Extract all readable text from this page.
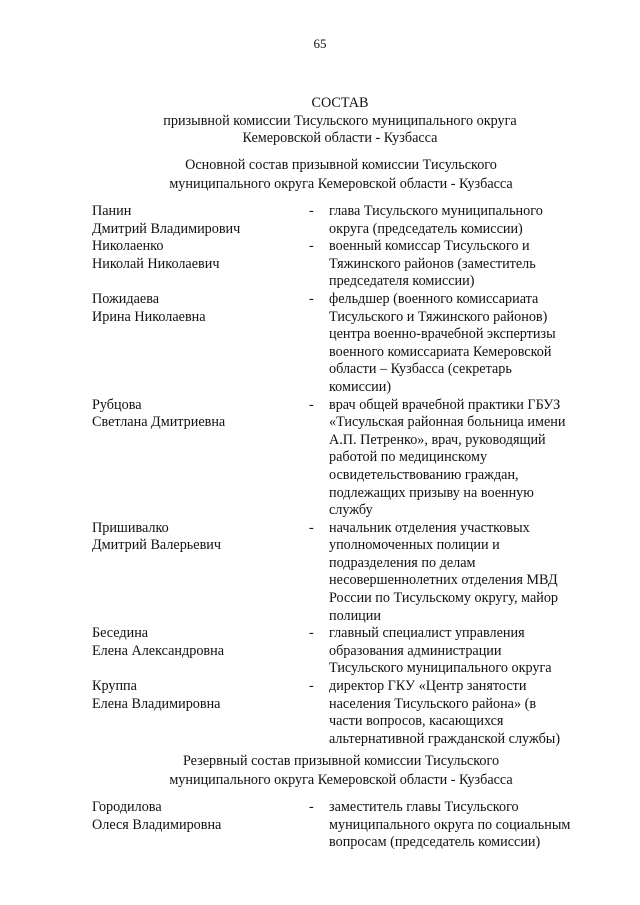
65
СОСТАВ
призывной комиссии Тисульского муниципального округа
Кемеровской области - Кузбасса
Основной состав призывной комиссии Тисульского
муниципального округа Кемеровской области - Кузбасса
Панин
Дмитрий Владимирович
- глава Тисульского муниципального
округа (председатель комиссии)
Николаенко
Николай Николаевич
- военный комиссар Тисульского и
Тяжинского районов (заместитель
председателя комиссии)
Пожидаева
Ирина Николаевна
- фельдшер (военного комиссариата
Тисульского и Тяжинского районов)
центра военно-врачебной экспертизы
военного комиссариата Кемеровской
области – Кузбасса (секретарь
комиссии)
Рубцова
Светлана Дмитриевна
- врач общей врачебной практики ГБУЗ
«Тисульская районная больница имени
А.П. Петренко», врач, руководящий
работой по медицинскому
освидетельствованию граждан,
подлежащих призыву на военную
службу
Пришивалко
Дмитрий Валерьевич
- начальник отделения участковых
уполномоченных полиции и
подразделения по делам
несовершеннолетних отделения МВД
России по Тисульскому округу, майор
полиции
Беседина
Елена Александровна
- главный специалист управления
образования администрации
Тисульского муниципального округа
Круппа
Елена Владимировна
- директор ГКУ «Центр занятости
населения Тисульского района» (в
части вопросов, касающихся
альтернативной гражданской службы)
Резервный состав призывной комиссии Тисульского
муниципального округа Кемеровской области - Кузбасса
Городилова
Олеся Владимировна
- заместитель главы Тисульского
муниципального округа по социальным
вопросам (председатель комиссии)
